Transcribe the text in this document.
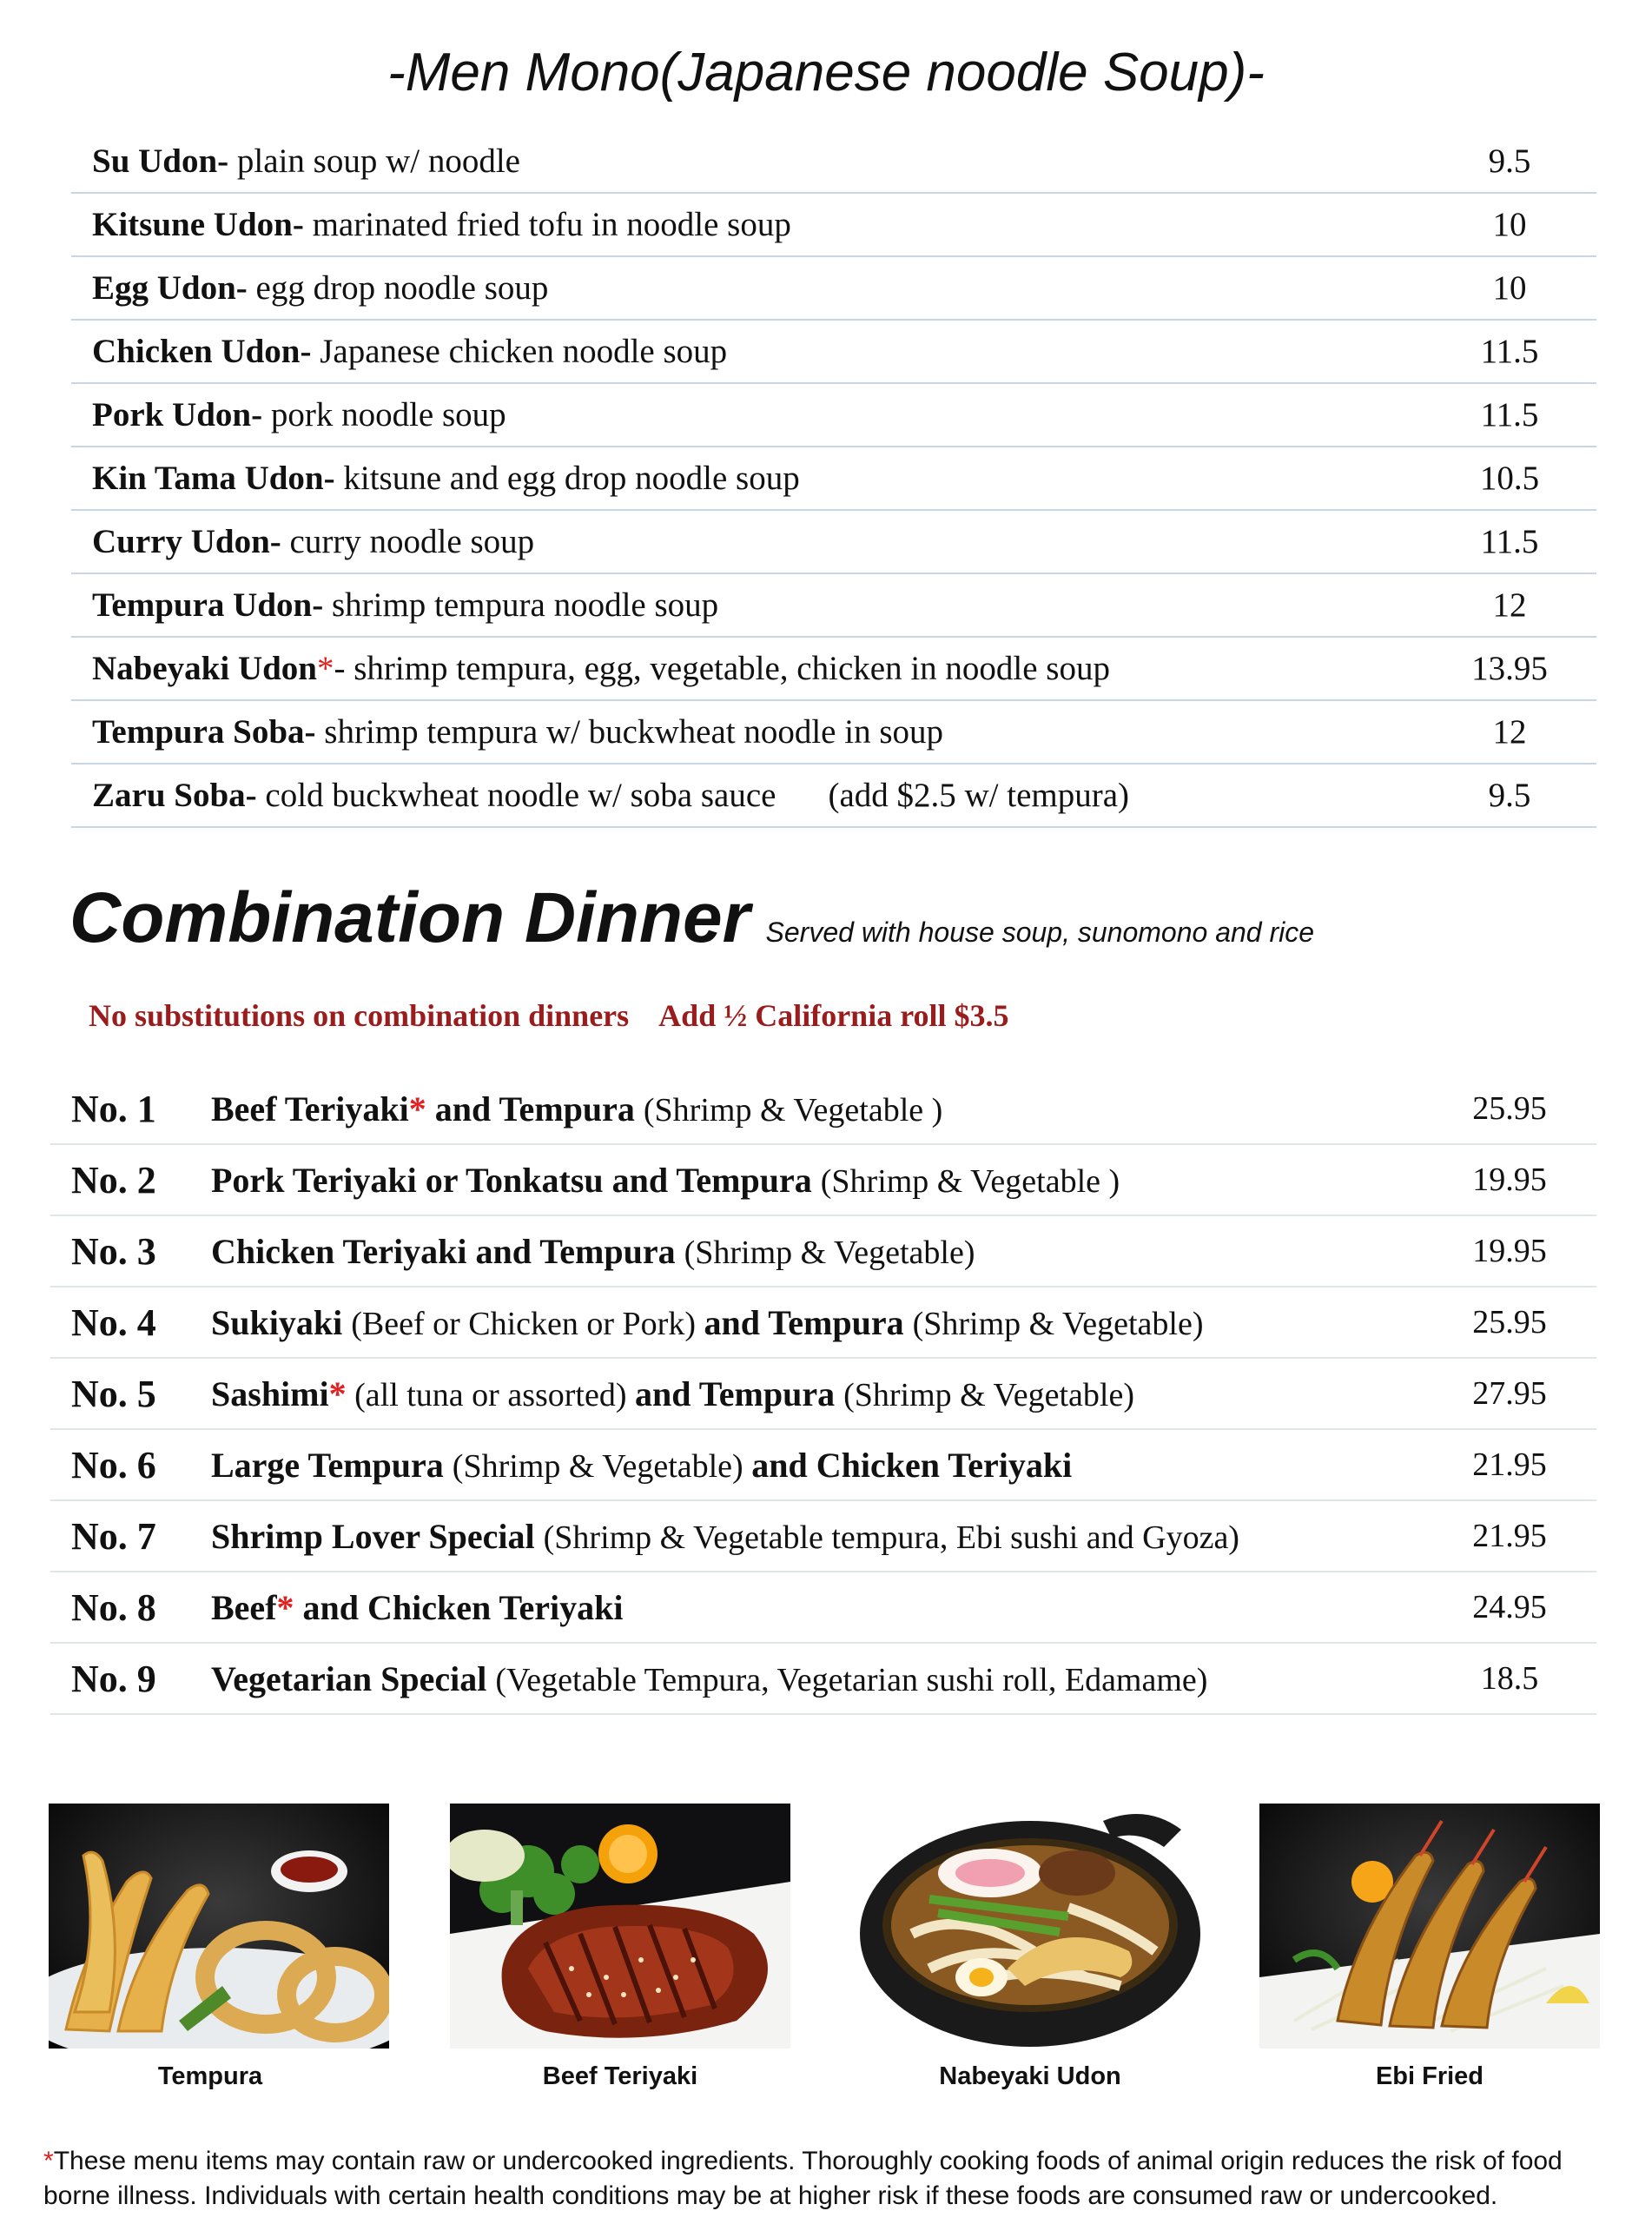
-Men Mono(Japanese noodle Soup)-
Su Udon- plain soup w/ noodle	9.5
Kitsune Udon- marinated fried tofu in noodle soup	10
Egg Udon- egg drop noodle soup	10
Chicken Udon- Japanese chicken noodle soup	11.5
Pork Udon- pork noodle soup	11.5
Kin Tama Udon- kitsune and egg drop noodle soup	10.5
Curry Udon- curry noodle soup	11.5
Tempura Udon- shrimp tempura noodle soup	12
Nabeyaki Udon*- shrimp tempura, egg, vegetable, chicken in noodle soup	13.95
Tempura Soba- shrimp tempura w/ buckwheat noodle in soup	12
Zaru Soba- cold buckwheat noodle w/ soba sauce (add $2.5 w/ tempura)	9.5
Combination Dinner Served with house soup, sunomono and rice
No substitutions on combination dinners Add ½ California roll $3.5
No. 1	Beef Teriyaki* and Tempura (Shrimp & Vegetable )	25.95
No. 2	Pork Teriyaki or Tonkatsu and Tempura (Shrimp & Vegetable )	19.95
No. 3	Chicken Teriyaki and Tempura (Shrimp & Vegetable)	19.95
No. 4	Sukiyaki (Beef or Chicken or Pork) and Tempura (Shrimp & Vegetable)	25.95
No. 5	Sashimi* (all tuna or assorted) and Tempura (Shrimp & Vegetable)	27.95
No. 6	Large Tempura (Shrimp & Vegetable) and Chicken Teriyaki	21.95
No. 7	Shrimp Lover Special (Shrimp & Vegetable tempura, Ebi sushi and Gyoza)	21.95
No. 8	Beef* and Chicken Teriyaki	24.95
No. 9	Vegetarian Special (Vegetable Tempura, Vegetarian sushi roll, Edamame)	18.5
Tempura	Beef Teriyaki	Nabeyaki Udon	Ebi Fried
*These menu items may contain raw or undercooked ingredients. Thoroughly cooking foods of animal origin reduces the risk of food borne illness. Individuals with certain health conditions may be at higher risk if these foods are consumed raw or undercooked.
